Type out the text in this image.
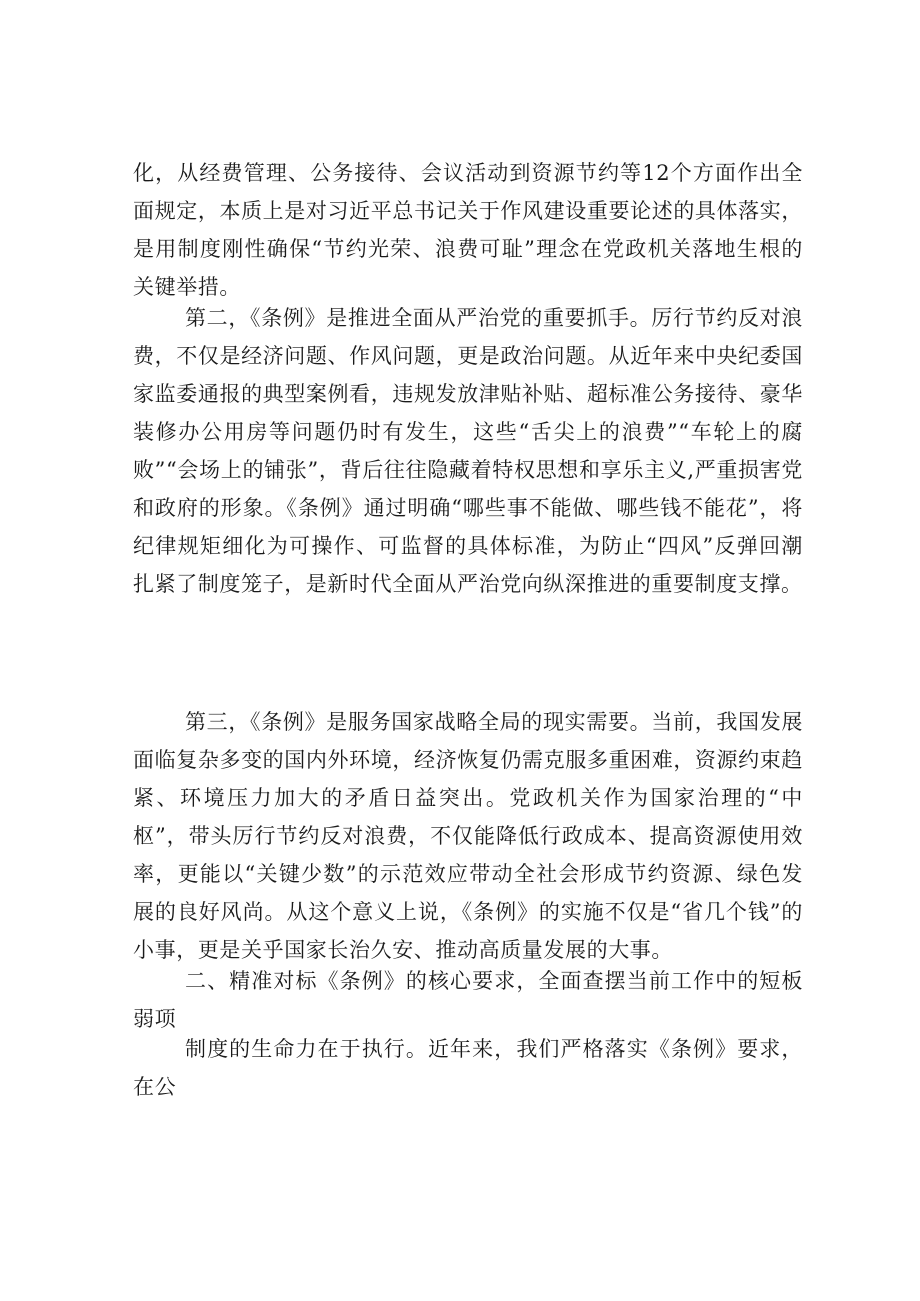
化，从经费管理、公务接待、会议活动到资源节约等12个方面作出全面规定，本质上是对习近平总书记关于作风建设重要论述的具体落实，是用制度刚性确保“节约光荣、浪费可耻”理念在党政机关落地生根的关键举措。

第二，《条例》是推进全面从严治党的重要抓手。厉行节约反对浪费，不仅是经济问题、作风问题，更是政治问题。从近年来中央纪委国家监委通报的典型案例看，违规发放津贴补贴、超标准公务接待、豪华装修办公用房等问题仍时有发生，这些“舌尖上的浪费”“车轮上的腐败”“会场上的铺张”，背后往往隐藏着特权思想和享乐主义,严重损害党和政府的形象。《条例》通过明确“哪些事不能做、哪些钱不能花”，将纪律规矩细化为可操作、可监督的具体标准，为防止“四风”反弹回潮扎紧了制度笼子，是新时代全面从严治党向纵深推进的重要制度支撑。

第三，《条例》是服务国家战略全局的现实需要。当前，我国发展面临复杂多变的国内外环境，经济恢复仍需克服多重困难，资源约束趋紧、环境压力加大的矛盾日益突出。党政机关作为国家治理的“中枢”，带头厉行节约反对浪费，不仅能降低行政成本、提高资源使用效率，更能以“关键少数”的示范效应带动全社会形成节约资源、绿色发展的良好风尚。从这个意义上说，《条例》的实施不仅是“省几个钱”的小事，更是关乎国家长治久安、推动高质量发展的大事。

二、精准对标《条例》的核心要求，全面查摆当前工作中的短板弱项

制度的生命力在于执行。近年来，我们严格落实《条例》要求，在公
